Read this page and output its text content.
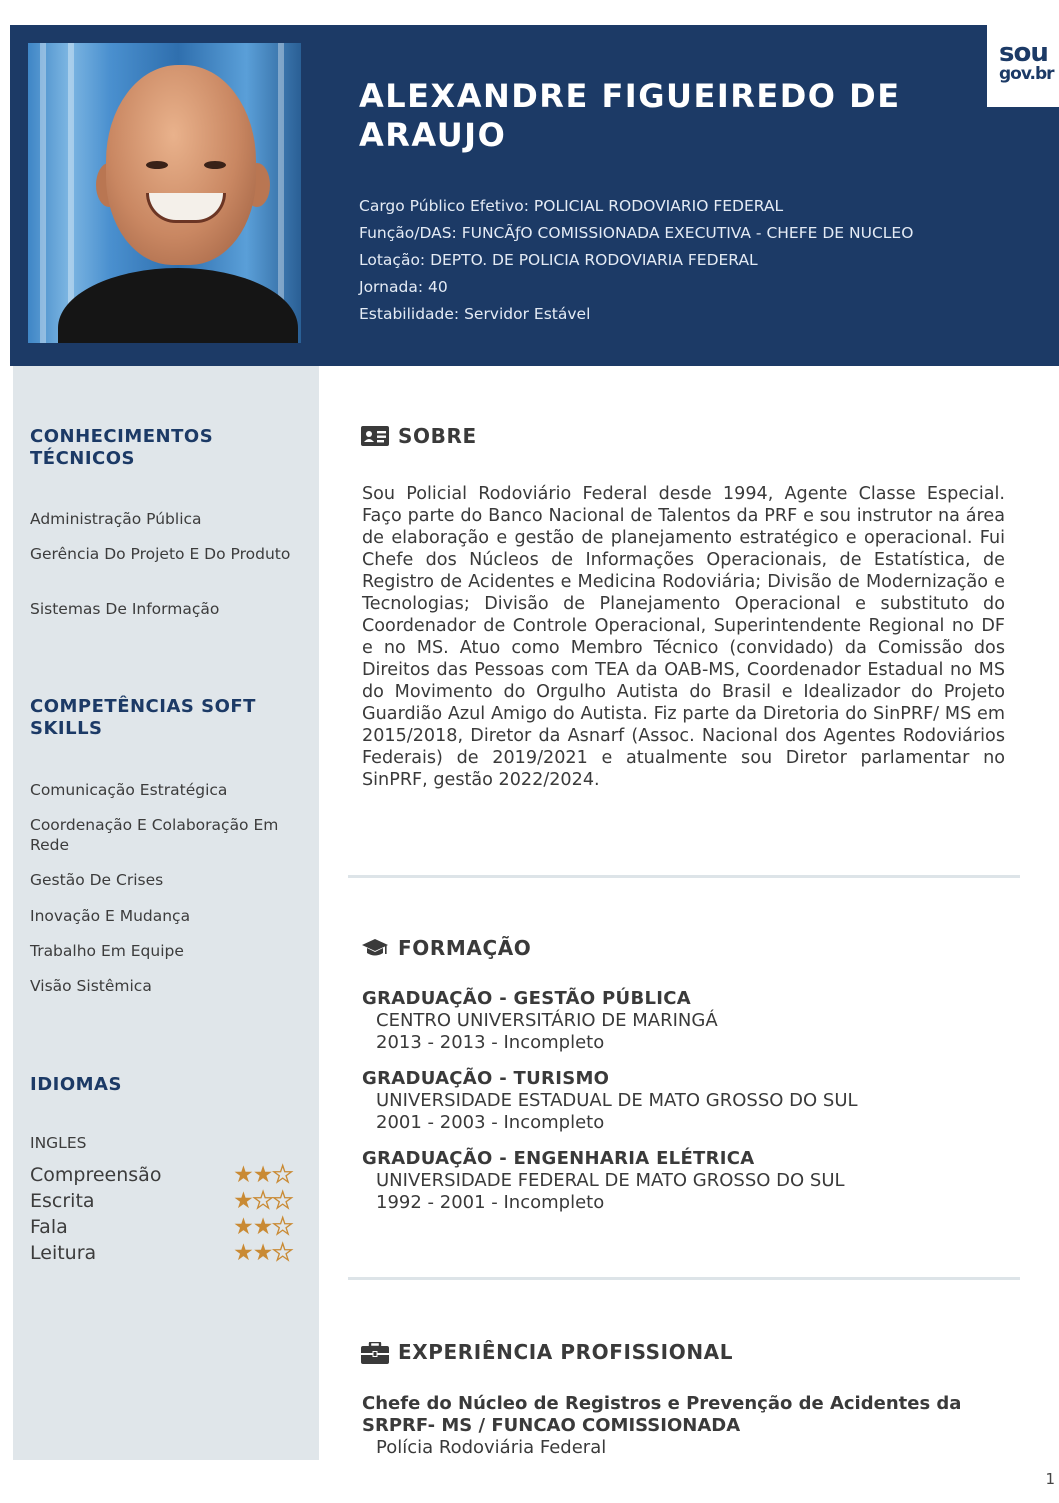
ALEXANDRE FIGUEIREDO DE ARAUJO
Cargo Público Efetivo: POLICIAL RODOVIARIO FEDERAL
Função/DAS: FUNCÃƒO COMISSIONADA EXECUTIVA - CHEFE DE NUCLEO
Lotação: DEPTO. DE POLICIA RODOVIARIA FEDERAL
Jornada: 40
Estabilidade: Servidor Estável
sou
gov.br
CONHECIMENTOS TÉCNICOS
Administração Pública
Gerência Do Projeto E Do Produto
Sistemas De Informação
COMPETÊNCIAS SOFT SKILLS
Comunicação Estratégica
Coordenação E Colaboração Em Rede
Gestão De Crises
Inovação E Mudança
Trabalho Em Equipe
Visão Sistêmica
IDIOMAS
INGLES
Compreensão	★★★
Escrita	★★★
Fala	★★★
Leitura	★★★
SOBRE
Sou Policial Rodoviário Federal desde 1994, Agente Classe Especial. Faço parte do Banco Nacional de Talentos da PRF e sou instrutor na área de elaboração e gestão de planejamento estratégico e operacional. Fui Chefe dos Núcleos de Informações Operacionais, de Estatística, de Registro de Acidentes e Medicina Rodoviária; Divisão de Modernização e Tecnologias; Divisão de Planejamento Operacional e substituto do Coordenador de Controle Operacional, Superintendente Regional no DF e no MS. Atuo como Membro Técnico (convidado) da Comissão dos Direitos das Pessoas com TEA da OAB-MS, Coordenador Estadual no MS do Movimento do Orgulho Autista do Brasil e Idealizador do Projeto Guardião Azul Amigo do Autista. Fiz parte da Diretoria do SinPRF/ MS em 2015/2018, Diretor da Asnarf (Assoc. Nacional dos Agentes Rodoviários Federais) de 2019/2021 e atualmente sou Diretor parlamentar no SinPRF, gestão 2022/2024.
FORMAÇÃO
GRADUAÇÃO - GESTÃO PÚBLICA
CENTRO UNIVERSITÁRIO DE MARINGÁ
2013 - 2013 - Incompleto
GRADUAÇÃO - TURISMO
UNIVERSIDADE ESTADUAL DE MATO GROSSO DO SUL
2001 - 2003 - Incompleto
GRADUAÇÃO - ENGENHARIA ELÉTRICA
UNIVERSIDADE FEDERAL DE MATO GROSSO DO SUL
1992 - 2001 - Incompleto
EXPERIÊNCIA PROFISSIONAL
Chefe do Núcleo de Registros e Prevenção de Acidentes da SRPRF- MS / FUNCAO COMISSIONADA
Polícia Rodoviária Federal
1
